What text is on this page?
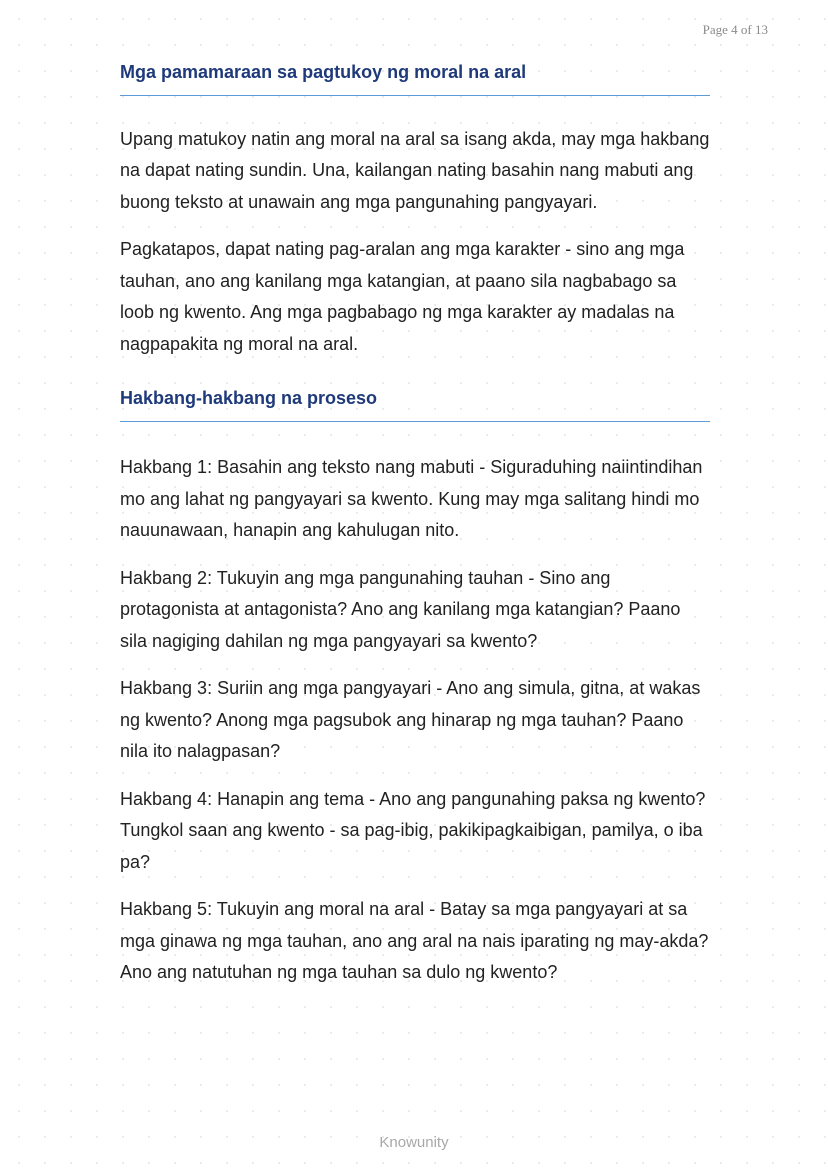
Page 4 of 13
Mga pamamaraan sa pagtukoy ng moral na aral

Upang matukoy natin ang moral na aral sa isang akda, may mga hakbang na dapat nating sundin. Una, kailangan nating basahin nang mabuti ang buong teksto at unawain ang mga pangunahing pangyayari.

Pagkatapos, dapat nating pag-aralan ang mga karakter - sino ang mga tauhan, ano ang kanilang mga katangian, at paano sila nagbabago sa loob ng kwento. Ang mga pagbabago ng mga karakter ay madalas na nagpapakita ng moral na aral.

Hakbang-hakbang na proseso

Hakbang 1: Basahin ang teksto nang mabuti - Siguraduhing naiintindihan mo ang lahat ng pangyayari sa kwento. Kung may mga salitang hindi mo nauunawaan, hanapin ang kahulugan nito.

Hakbang 2: Tukuyin ang mga pangunahing tauhan - Sino ang protagonista at antagonista? Ano ang kanilang mga katangian? Paano sila nagiging dahilan ng mga pangyayari sa kwento?

Hakbang 3: Suriin ang mga pangyayari - Ano ang simula, gitna, at wakas ng kwento? Anong mga pagsubok ang hinarap ng mga tauhan? Paano nila ito nalagpasan?

Hakbang 4: Hanapin ang tema - Ano ang pangunahing paksa ng kwento? Tungkol saan ang kwento - sa pag-ibig, pakikipagkaibigan, pamilya, o iba pa?

Hakbang 5: Tukuyin ang moral na aral - Batay sa mga pangyayari at sa mga ginawa ng mga tauhan, ano ang aral na nais iparating ng may-akda? Ano ang natutuhan ng mga tauhan sa dulo ng kwento?

Knowunity
